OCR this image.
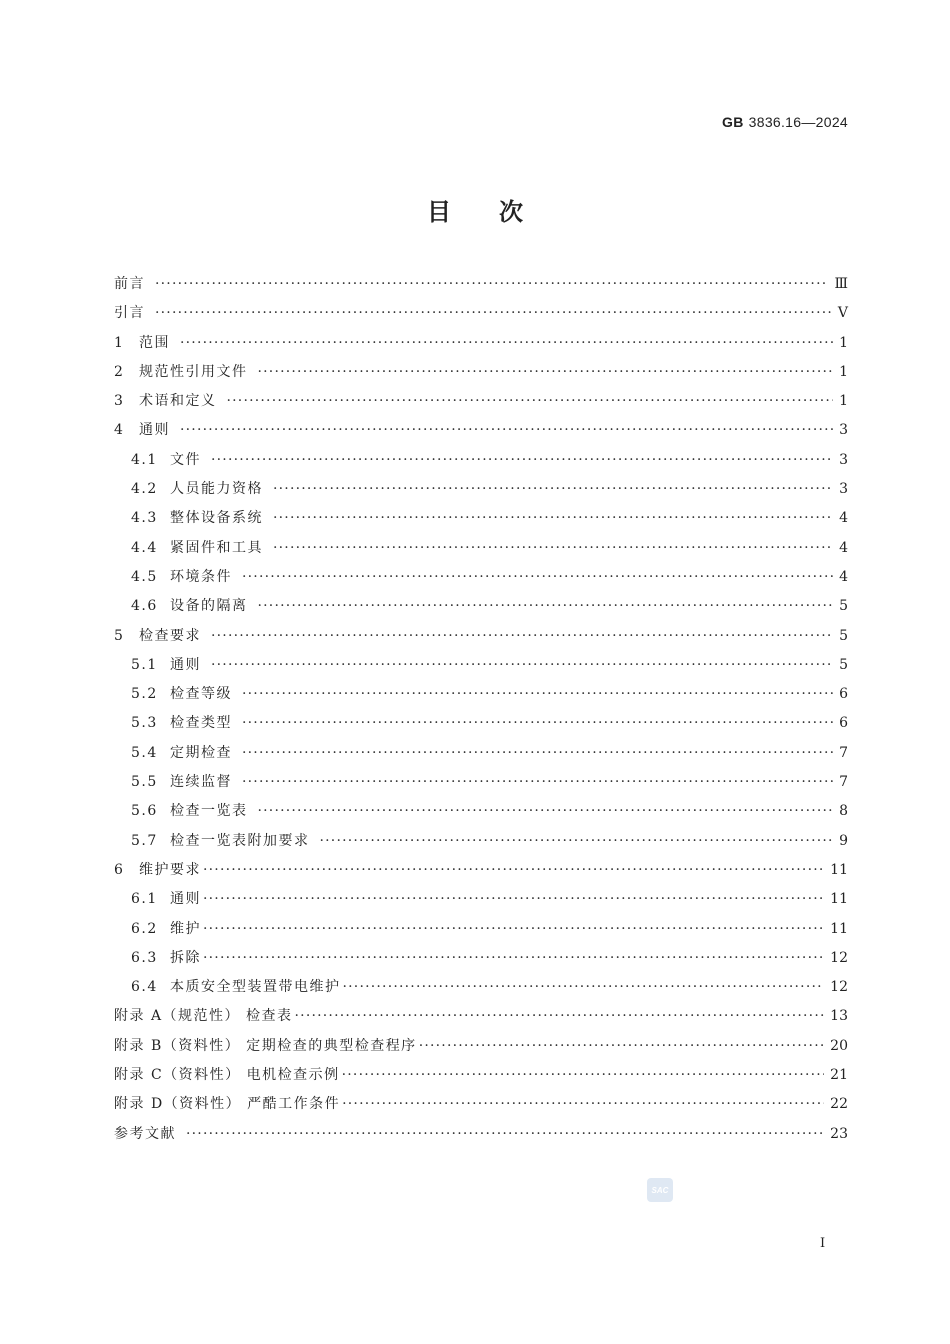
GB 3836.16—2024
目次
前言 ·····	Ⅲ
引言 ·····	Ⅴ
1	范围 ·····	1
2	规范性引用文件 ·····	1
3	术语和定义 ·····	1
4	通则 ·····	3
4.1 文件 ·····	3
4.2 人员能力资格 ·····	3
4.3 整体设备系统 ·····	4
4.4 紧固件和工具 ·····	4
4.5 环境条件 ·····	4
4.6 设备的隔离 ·····	5
5	检查要求 ·····	5
5.1 通则 ·····	5
5.2 检查等级 ·····	6
5.3 检查类型 ·····	6
5.4 定期检查 ·····	7
5.5 连续监督 ·····	7
5.6 检查一览表 ·····	8
5.7 检查一览表附加要求 ·····	9
6	维护要求 ·····	11
6.1 通则 ·····	11
6.2 维护 ·····	11
6.3 拆除 ·····	12
6.4 本质安全型装置带电维护 ·····	12
附录 A（规范性） 检查表 ·····	13
附录 B（资料性） 定期检查的典型检查程序 ·····	20
附录 C（资料性） 电机检查示例 ·····	21
附录 D（资料性） 严酷工作条件 ·····	22
参考文献 ·····	23
SAC
Ⅰ
